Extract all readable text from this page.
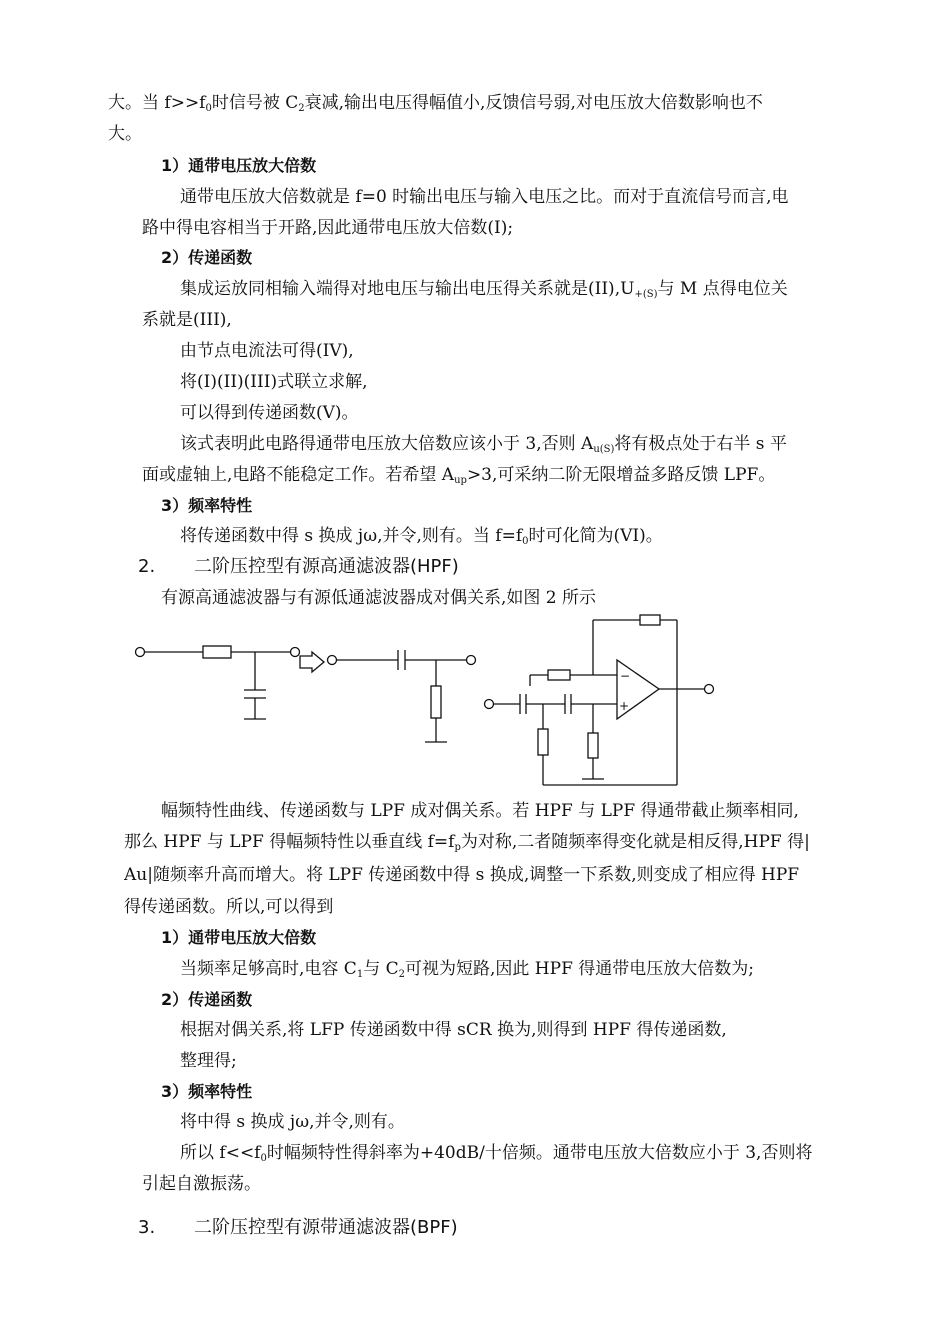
大。当 $f>>f_0$时信号被 $C_2$衰减,输出电压得幅值小,反馈信号弱,对电压放大倍数影响也不
大。
1）通带电压放大倍数
通带电压放大倍数就是 f=0 时输出电压与输入电压之比。而对于直流信号而言,电
路中得电容相当于开路,因此通带电压放大倍数(I);
2）传递函数
集成运放同相输入端得对地电压与输出电压得关系就是$(II),U_{+(S)}$与 M 点得电位关
系就是(III),
由节点电流法可得(IV),
将(I)(II)(III)式联立求解,
可以得到传递函数(V)。
该式表明此电路得通带电压放大倍数应该小于 3,否则 $A_{u(S)}$将有极点处于右半 s 平
面或虚轴上,电路不能稳定工作。若希望 $A_{up}>3$,可采纳二阶无限增益多路反馈 LPF。
3）频率特性
将传递函数中得 s 换成 jω,并令,则有。当 $f=f_0$时可化简为(VI)。
2. 二阶压控型有源高通滤波器(HPF)
有源高通滤波器与有源低通滤波器成对偶关系,如图 2 所示
−
+
幅频特性曲线、传递函数与 LPF 成对偶关系。若 HPF 与 LPF 得通带截止频率相同,
那么 HPF 与 LPF 得幅频特性以垂直线 $f=f_p$为对称,二者随频率得变化就是相反得,HPF 得|
Au|随频率升高而增大。将 LPF 传递函数中得 s 换成,调整一下系数,则变成了相应得 HPF
得传递函数。所以,可以得到
1）通带电压放大倍数
当频率足够高时,电容 $C_1$与 $C_2$可视为短路,因此 HPF 得通带电压放大倍数为;
2）传递函数
根据对偶关系,将 LFP 传递函数中得 sCR 换为,则得到 HPF 得传递函数,
整理得;
3）频率特性
将中得 s 换成 jω,并令,则有。
所以 $f<<f_0$时幅频特性得斜率为+40dB/十倍频。通带电压放大倍数应小于 3,否则将
引起自激振荡。
3. 二阶压控型有源带通滤波器(BPF)
